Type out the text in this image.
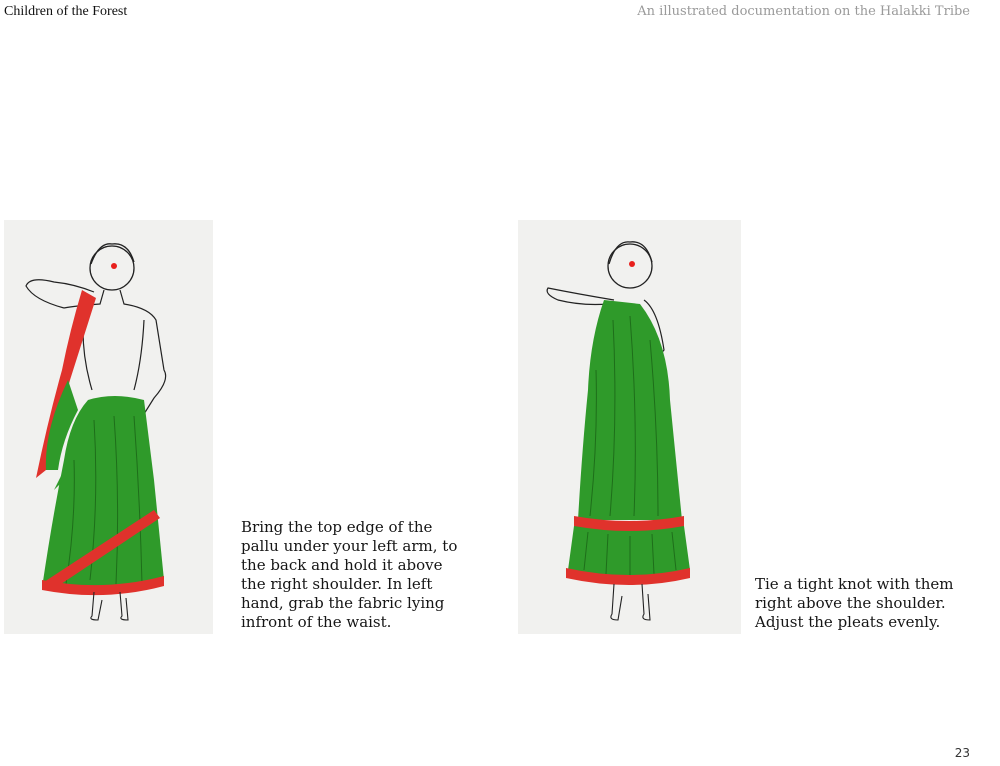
Children of the Forest	An illustrated documentation on the Halakki Tribe
Bring the top edge of the
pallu under your left arm, to
the back and hold it above
the right shoulder. In left
hand, grab the fabric lying
infront of the waist.
Tie a tight knot with them
right above the shoulder.
Adjust the pleats evenly.
23
